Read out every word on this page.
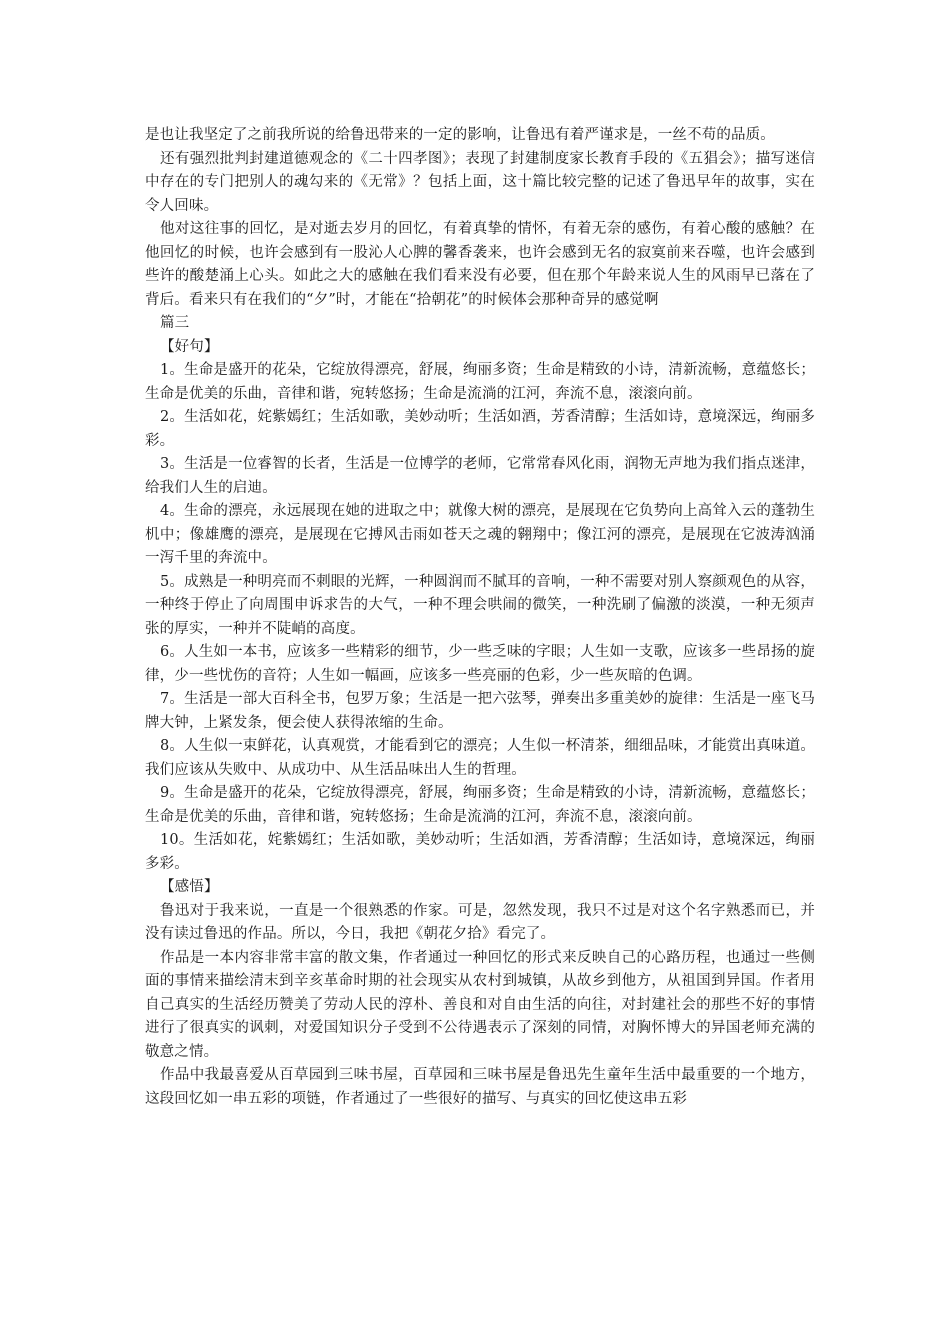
是也让我坚定了之前我所说的给鲁迅带来的一定的影响，让鲁迅有着严谨求是，一丝不苟的品质。

还有强烈批判封建道德观念的《二十四孝图》；表现了封建制度家长教育手段的《五猖会》；描写迷信中存在的专门把别人的魂勾来的《无常》？包括上面，这十篇比较完整的记述了鲁迅早年的故事，实在令人回味。

他对这往事的回忆，是对逝去岁月的回忆，有着真挚的情怀，有着无奈的感伤，有着心酸的感触？在他回忆的时候，也许会感到有一股沁人心脾的馨香袭来，也许会感到无名的寂寞前来吞噬，也许会感到些许的酸楚涌上心头。如此之大的感触在我们看来没有必要，但在那个年龄来说人生的风雨早已落在了背后。看来只有在我们的“夕”时，才能在“拾朝花”的时候体会那种奇异的感觉啊

篇三

【好句】

1。生命是盛开的花朵，它绽放得漂亮，舒展，绚丽多资；生命是精致的小诗，清新流畅，意蕴悠长；生命是优美的乐曲，音律和谐，宛转悠扬；生命是流淌的江河，奔流不息，滚滚向前。

2。生活如花，姹紫嫣红；生活如歌，美妙动听；生活如酒，芳香清醇；生活如诗，意境深远，绚丽多彩。

3。生活是一位睿智的长者，生活是一位博学的老师，它常常春风化雨，润物无声地为我们指点迷津，给我们人生的启迪。

4。生命的漂亮，永远展现在她的进取之中；就像大树的漂亮，是展现在它负势向上高耸入云的蓬勃生机中；像雄鹰的漂亮，是展现在它搏风击雨如苍天之魂的翱翔中；像江河的漂亮，是展现在它波涛汹涌一泻千里的奔流中。

5。成熟是一种明亮而不刺眼的光辉，一种圆润而不腻耳的音响，一种不需要对别人察颜观色的从容，一种终于停止了向周围申诉求告的大气，一种不理会哄闹的微笑，一种洗刷了偏激的淡漠，一种无须声张的厚实，一种并不陡峭的高度。

6。人生如一本书，应该多一些精彩的细节，少一些乏味的字眼；人生如一支歌，应该多一些昂扬的旋律，少一些忧伤的音符；人生如一幅画，应该多一些亮丽的色彩，少一些灰暗的色调。

7。生活是一部大百科全书，包罗万象；生活是一把六弦琴，弹奏出多重美妙的旋律：生活是一座飞马牌大钟，上紧发条，便会使人获得浓缩的生命。

8。人生似一束鲜花，认真观赏，才能看到它的漂亮；人生似一杯清茶，细细品味，才能赏出真味道。我们应该从失败中、从成功中、从生活品味出人生的哲理。

9。生命是盛开的花朵，它绽放得漂亮，舒展，绚丽多资；生命是精致的小诗，清新流畅，意蕴悠长；生命是优美的乐曲，音律和谐，宛转悠扬；生命是流淌的江河，奔流不息，滚滚向前。

10。生活如花，姹紫嫣红；生活如歌，美妙动听；生活如酒，芳香清醇；生活如诗，意境深远，绚丽多彩。

【感悟】

鲁迅对于我来说，一直是一个很熟悉的作家。可是，忽然发现，我只不过是对这个名字熟悉而已，并没有读过鲁迅的作品。所以，今日，我把《朝花夕拾》看完了。

作品是一本内容非常丰富的散文集，作者通过一种回忆的形式来反映自己的心路历程，也通过一些侧面的事情来描绘清末到辛亥革命时期的社会现实从农村到城镇，从故乡到他方，从祖国到异国。作者用自己真实的生活经历赞美了劳动人民的淳朴、善良和对自由生活的向往，对封建社会的那些不好的事情进行了很真实的讽刺，对爱国知识分子受到不公待遇表示了深刻的同情，对胸怀博大的异国老师充满的敬意之情。

作品中我最喜爱从百草园到三味书屋，百草园和三味书屋是鲁迅先生童年生活中最重要的一个地方，这段回忆如一串五彩的项链，作者通过了一些很好的描写、与真实的回忆使这串五彩
